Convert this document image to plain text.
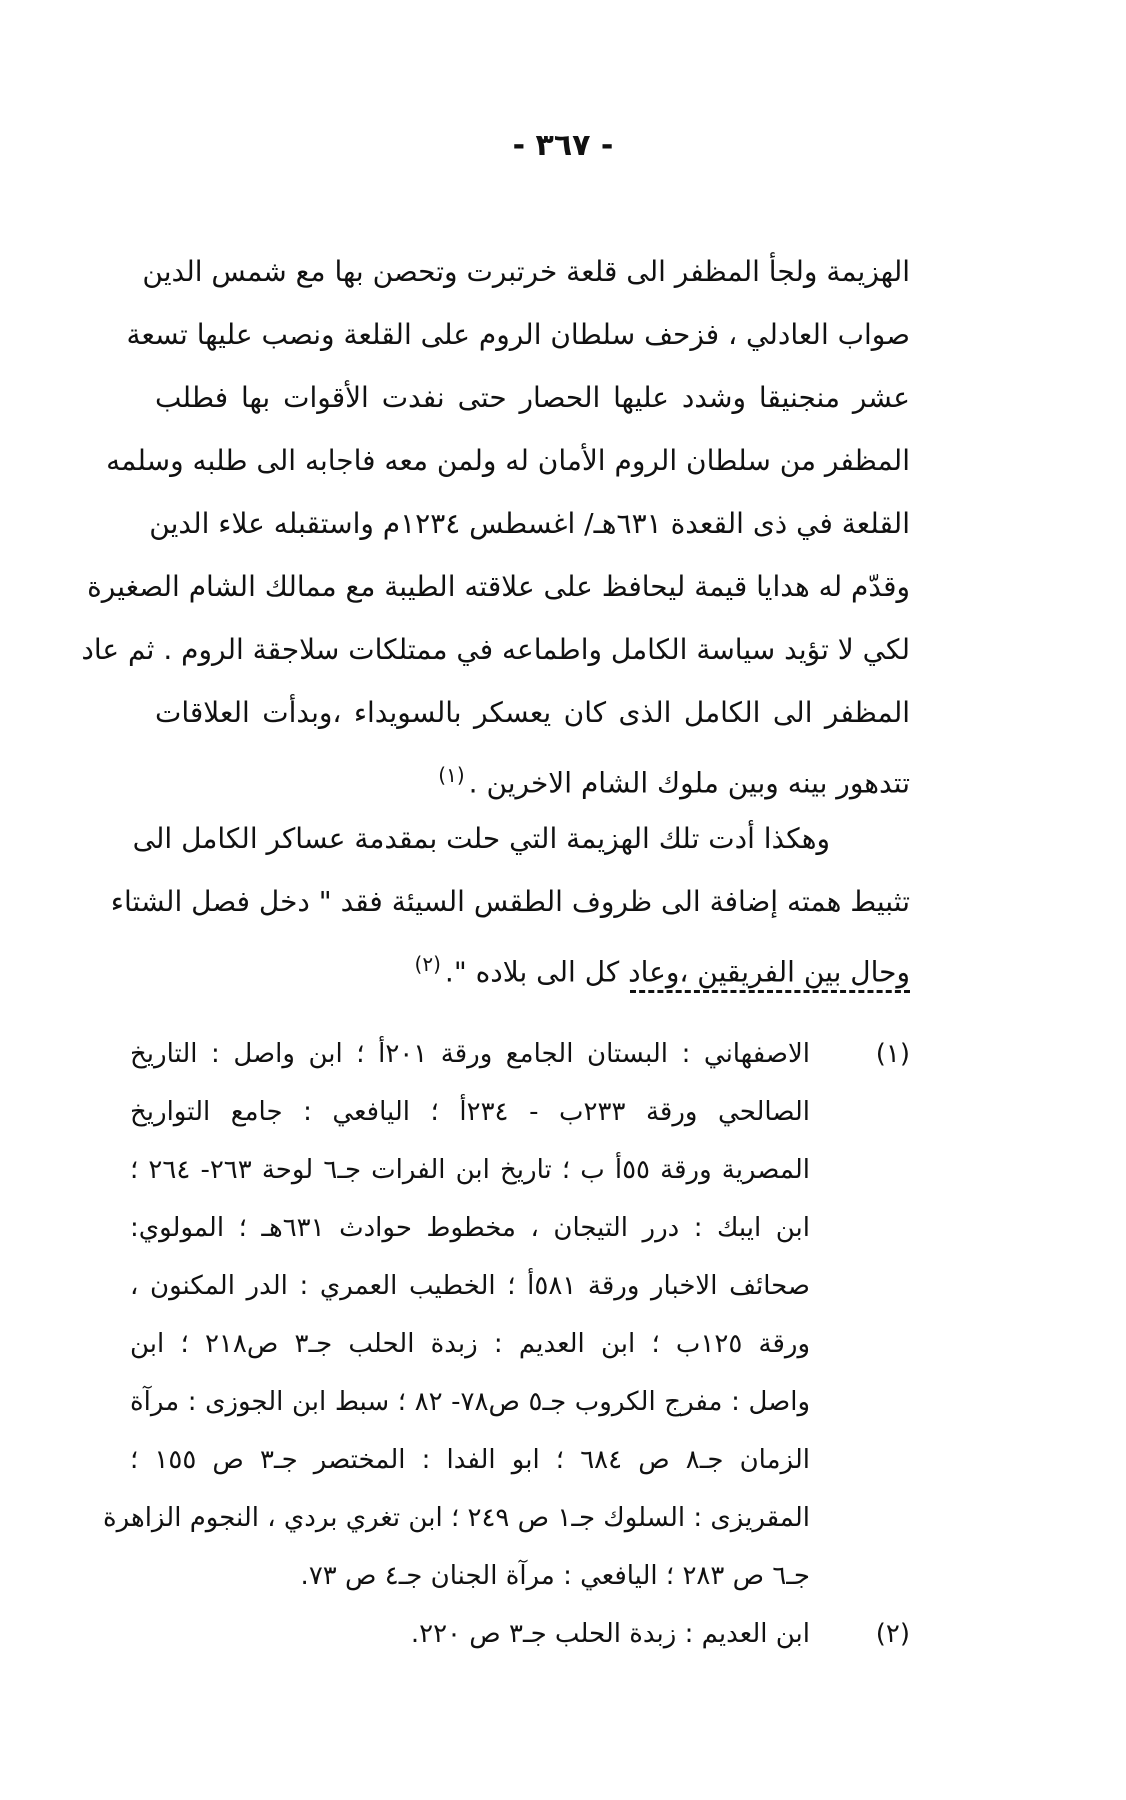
- ٣٦٧ -
الهزيمة ولجأ المظفر الى قلعة خرتبرت وتحصن بها مع شمس الدين
صواب العادلي ، فزحف سلطان الروم على القلعة ونصب عليها تسعة
عشر منجنيقا وشدد عليها الحصار حتى نفدت الأقوات بها فطلب
المظفر من سلطان الروم الأمان له ولمن معه فاجابه الى طلبه وسلمه
القلعة في ذى القعدة ٦٣١هـ/ اغسطس ١٢٣٤م واستقبله علاء الدين
وقدّم له هدايا قيمة ليحافظ على علاقته الطيبة مع ممالك الشام الصغيرة
لكي لا تؤيد سياسة الكامل واطماعه في ممتلكات سلاجقة الروم . ثم عاد
المظفر الى الكامل الذى كان يعسكر بالسويداء ،وبدأت العلاقات
تتدهور بينه وبين ملوك الشام الاخرين .$^{(١)}$
وهكذا أدت تلك الهزيمة التي حلت بمقدمة عساكر الكامل الى
تثبيط همته إضافة الى ظروف الطقس السيئة فقد " دخل فصل الشتاء
وحال بين الفريقين ،وعاد كل الى بلاده ".$^{(٢)}$
(١)
الاصفهاني : البستان الجامع ورقة ٢٠١أ ؛ ابن واصل : التاريخ
الصالحي ورقة ٢٣٣ب - ٢٣٤أ ؛ اليافعي : جامع التواريخ
المصرية ورقة ٥٥أ ب ؛ تاريخ ابن الفرات جـ٦ لوحة ٢٦٣- ٢٦٤ ؛
ابن ايبك : درر التيجان ، مخطوط حوادث ٦٣١هـ ؛ المولوي:
صحائف الاخبار ورقة ٥٨١أ ؛ الخطيب العمري : الدر المكنون ،
ورقة ١٢٥ب ؛ ابن العديم : زبدة الحلب جـ٣ ص٢١٨ ؛ ابن
واصل : مفرج الكروب جـ٥ ص٧٨- ٨٢ ؛ سبط ابن الجوزى : مرآة
الزمان جـ٨ ص ٦٨٤ ؛ ابو الفدا : المختصر جـ٣ ص ١٥٥ ؛
المقريزى : السلوك جـ١ ص ٢٤٩ ؛ ابن تغري بردي ، النجوم الزاهرة
جـ٦ ص ٢٨٣ ؛ اليافعي : مرآة الجنان جـ٤ ص ٧٣.
(٢)
ابن العديم : زبدة الحلب جـ٣ ص ٢٢٠.
